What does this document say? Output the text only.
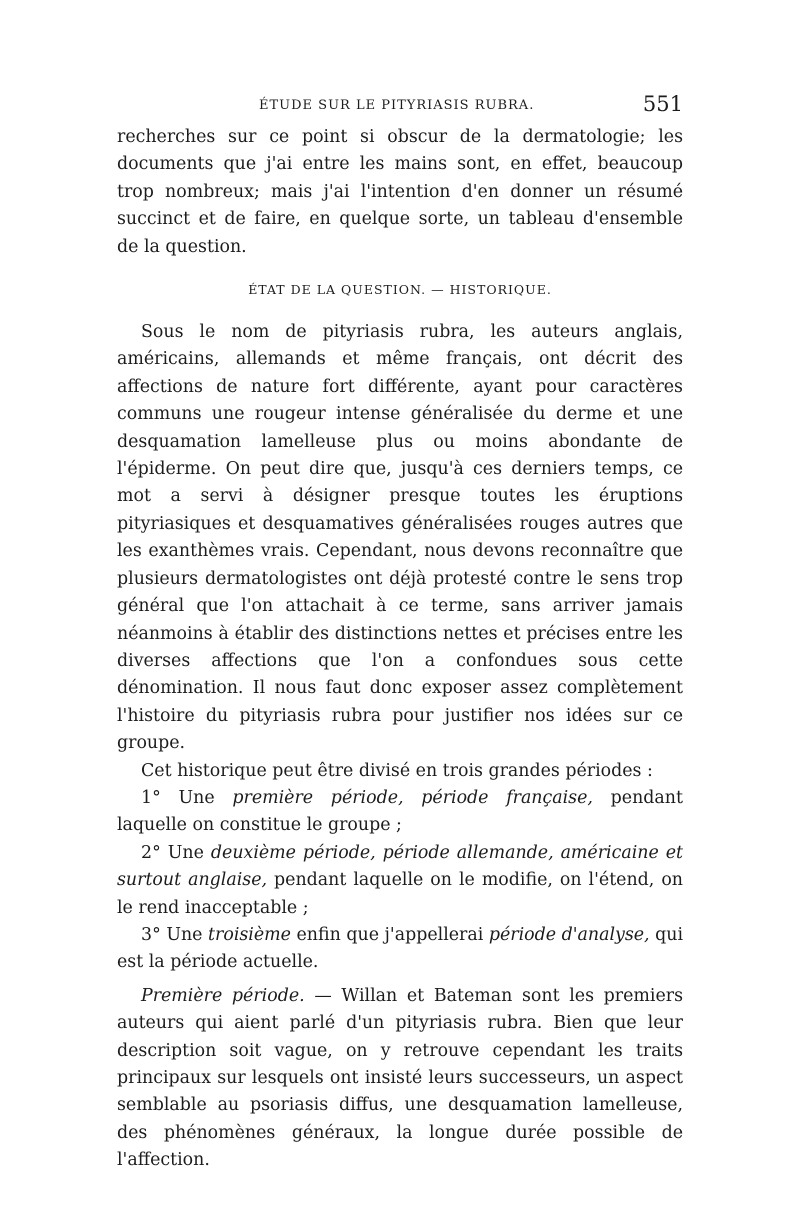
ÉTUDE SUR LE PITYRIASIS RUBRA.	551

recherches sur ce point si obscur de la dermatologie; les documents que j'ai entre les mains sont, en effet, beaucoup trop nombreux; mais j'ai l'intention d'en donner un résumé succinct et de faire, en quelque sorte, un tableau d'ensemble de la question.

ÉTAT DE LA QUESTION. — HISTORIQUE.

Sous le nom de pityriasis rubra, les auteurs anglais, américains, allemands et même français, ont décrit des affections de nature fort différente, ayant pour caractères communs une rougeur intense généralisée du derme et une desquamation lamelleuse plus ou moins abondante de l'épiderme. On peut dire que, jusqu'à ces derniers temps, ce mot a servi à désigner presque toutes les éruptions pityriasiques et desquamatives généralisées rouges autres que les exanthèmes vrais. Cependant, nous devons reconnaître que plusieurs dermatologistes ont déjà protesté contre le sens trop général que l'on attachait à ce terme, sans arriver jamais néanmoins à établir des distinctions nettes et précises entre les diverses affections que l'on a confondues sous cette dénomination. Il nous faut donc exposer assez complètement l'histoire du pityriasis rubra pour justifier nos idées sur ce groupe.

Cet historique peut être divisé en trois grandes périodes :

1° Une première période, période française, pendant laquelle on constitue le groupe ;

2° Une deuxième période, période allemande, américaine et surtout anglaise, pendant laquelle on le modifie, on l'étend, on le rend inacceptable ;

3° Une troisième enfin que j'appellerai période d'analyse, qui est la période actuelle.

Première période. — Willan et Bateman sont les premiers auteurs qui aient parlé d'un pityriasis rubra. Bien que leur description soit vague, on y retrouve cependant les traits principaux sur lesquels ont insisté leurs successeurs, un aspect semblable au psoriasis diffus, une desquamation lamelleuse, des phénomènes généraux, la longue durée possible de l'affection.
